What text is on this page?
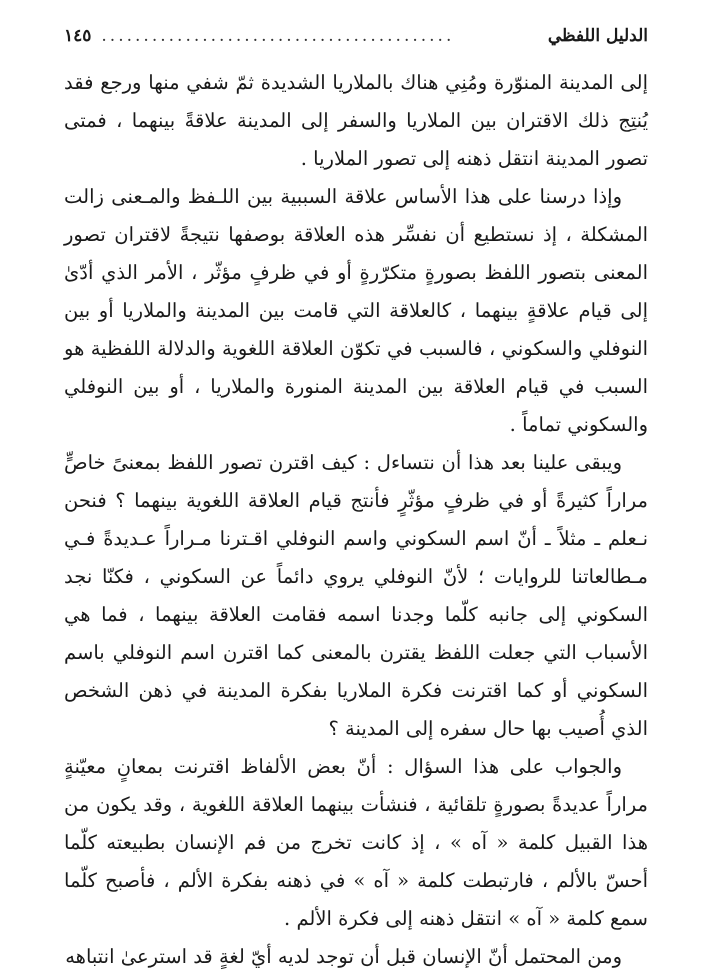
الدليل اللفظي
..........................................
١٤٥

إلى المدينة المنوّرة ومُنِي هناك بالملاريا الشديدة ثمّ شفي منها ورجع فقد يُنتِج ذلك الاقتران بين الملاريا والسفر إلى المدينة علاقةً بينهما ، فمتى تصور المدينة انتقل ذهنه إلى تصور الملاريا .

وإذا درسنا على هذا الأساس علاقة السببية بين اللـفظ والمـعنى زالت المشكلة ، إذ نستطيع أن نفسِّر هذه العلاقة بوصفها نتيجةً لاقتران تصور المعنى بتصور اللفظ بصورةٍ متكرّرةٍ أو في ظرفٍ مؤثّر ، الأمر الذي أدّىٰ إلى قيام علاقةٍ بينهما ، كالعلاقة التي قامت بين المدينة والملاريا أو بين النوفلي والسكوني ، فالسبب في تكوّن العلاقة اللغوية والدلالة اللفظية هو السبب في قيام العلاقة بين المدينة المنورة والملاريا ، أو بين النوفلي والسكوني تماماً .

ويبقى علينا بعد هذا أن نتساءل : كيف اقترن تصور اللفظ بمعنىً خاصٍّ مراراً كثيرةً أو في ظرفٍ مؤثّرٍ فأنتج قيام العلاقة اللغوية بينهما ؟ فنحن نـعلم ـ مثلاً ـ أنّ اسم السكوني واسم النوفلي اقـترنا مـراراً عـديدةً فـي مـطالعاتنا للروايات ؛ لأنّ النوفلي يروي دائماً عن السكوني ، فكنّا نجد السكوني إلى جانبه كلّما وجدنا اسمه فقامت العلاقة بينهما ، فما هي الأسباب التي جعلت اللفظ يقترن بالمعنى كما اقترن اسم النوفلي باسم السكوني أو كما اقترنت فكرة الملاريا بفكرة المدينة في ذهن الشخص الذي أُصيب بها حال سفره إلى المدينة ؟

والجواب على هذا السؤال : أنّ بعض الألفاظ اقترنت بمعانٍ معيّنةٍ مراراً عديدةً بصورةٍ تلقائية ، فنشأت بينهما العلاقة اللغوية ، وقد يكون من هذا القبيل كلمة « آه » ، إذ كانت تخرج من فم الإنسان بطبيعته كلّما أحسّ بالألم ، فارتبطت كلمة « آه » في ذهنه بفكرة الألم ، فأصبح كلّما سمع كلمة « آه » انتقل ذهنه إلى فكرة الألم .

ومن المحتمل أنّ الإنسان قبل أن توجد لديه أيّ لغةٍ قد استرعىٰ انتباهه
